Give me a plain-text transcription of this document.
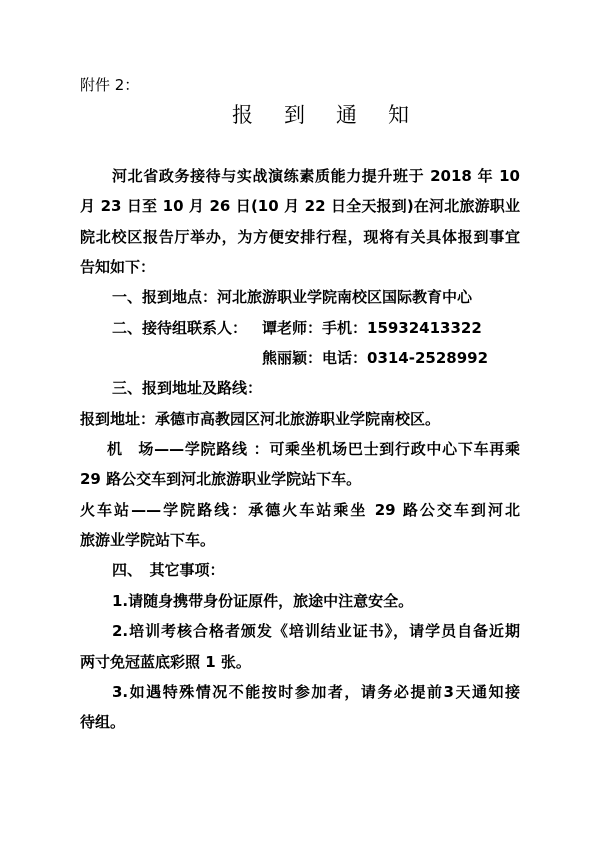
附件 2：
报　到　通　知
河北省政务接待与实战演练素质能力提升班于 2018 年 10
月 23 日至 10 月 26 日(10 月 22 日全天报到)在河北旅游职业
院北校区报告厅举办，为方便安排行程，现将有关具体报到事宜
告知如下：
一、报到地点：河北旅游职业学院南校区国际教育中心
二、接待组联系人： 谭老师：手机：15932413322
熊丽颖：电话：0314-2528992
三、报到地址及路线：
报到地址：承德市高教园区河北旅游职业学院南校区。
机　场——学院路线 ：可乘坐机场巴士到行政中心下车再乘
29 路公交车到河北旅游职业学院站下车。
火车站——学院路线：承德火车站乘坐 29 路公交车到河北
旅游业学院站下车。
四、　其它事项：
1.请随身携带身份证原件，旅途中注意安全。
2.培训考核合格者颁发《培训结业证书》，请学员自备近期
两寸免冠蓝底彩照 1 张。
3.如遇特殊情况不能按时参加者，请务必提前3天通知接
待组。
